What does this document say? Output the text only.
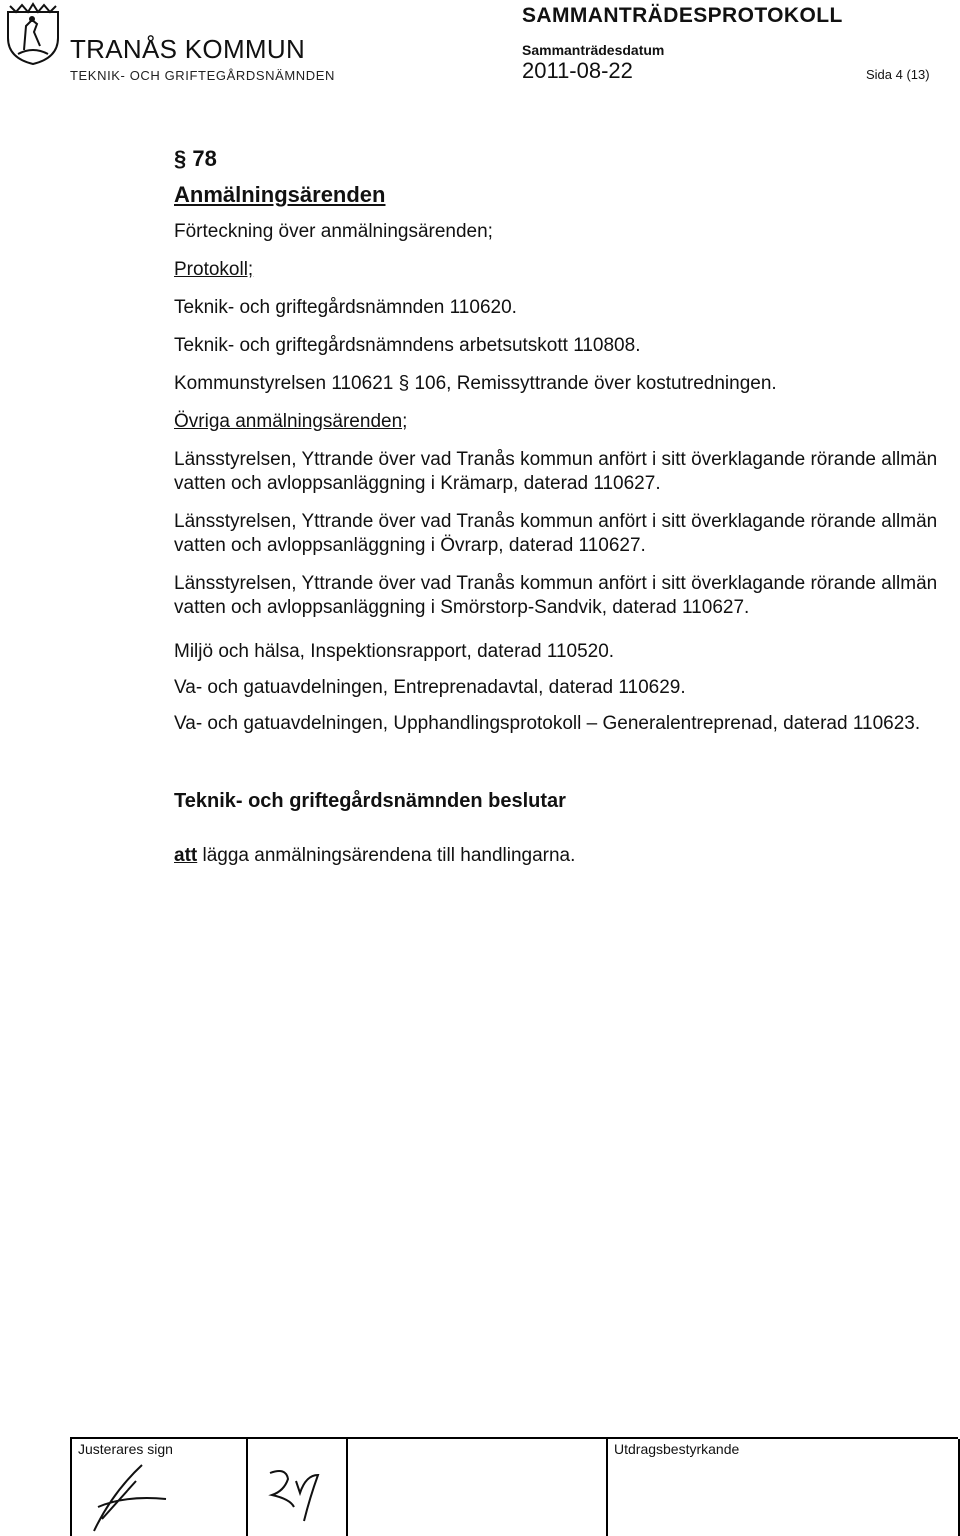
TRANÅS KOMMUN
TEKNIK- OCH GRIFTEGÅRDSNÄMNDEN
SAMMANTRÄDESPROTOKOLL
Sammanträdesdatum
2011-08-22	Sida 4 (13)
§ 78
Anmälningsärenden
Förteckning över anmälningsärenden;
Protokoll;
Teknik- och griftegårdsnämnden 110620.
Teknik- och griftegårdsnämndens arbetsutskott 110808.
Kommunstyrelsen 110621 § 106, Remissyttrande över kostutredningen.
Övriga anmälningsärenden;
Länsstyrelsen, Yttrande över vad Tranås kommun anfört i sitt överklagande rörande allmän vatten och avloppsanläggning i Krämarp, daterad 110627.
Länsstyrelsen, Yttrande över vad Tranås kommun anfört i sitt överklagande rörande allmän vatten och avloppsanläggning i Övrarp, daterad 110627.
Länsstyrelsen, Yttrande över vad Tranås kommun anfört i sitt överklagande rörande allmän vatten och avloppsanläggning i Smörstorp-Sandvik, daterad 110627.
Miljö och hälsa, Inspektionsrapport, daterad 110520.
Va- och gatuavdelningen, Entreprenadavtal, daterad 110629.
Va- och gatuavdelningen, Upphandlingsprotokoll – Generalentreprenad, daterad 110623.
Teknik- och griftegårdsnämnden beslutar
att lägga anmälningsärendena till handlingarna.
Justerares sign	Utdragsbestyrkande
